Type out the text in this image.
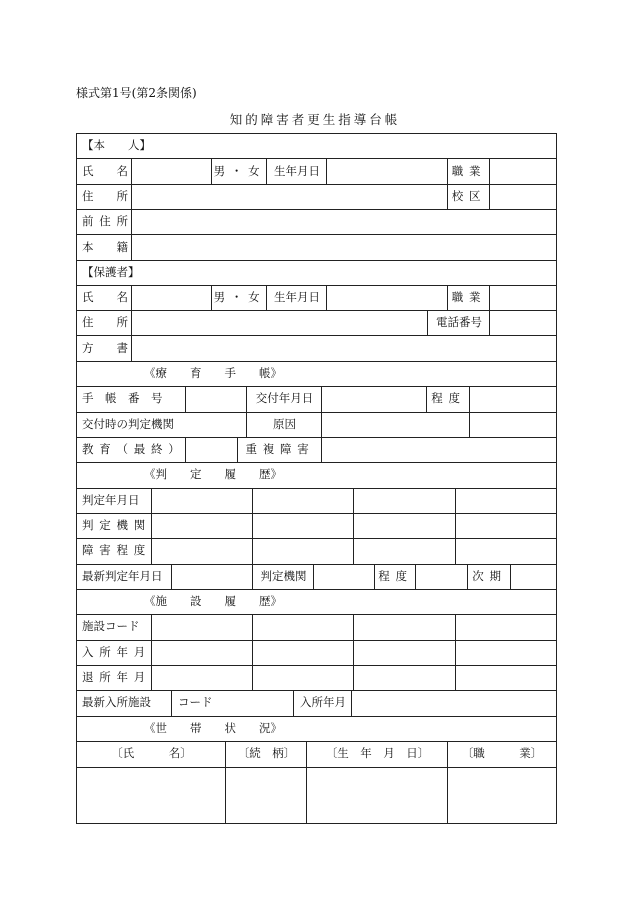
様式第1号(第2条関係)
知的障害者更生指導台帳
【本　　人】
氏　　名	男・女 生年月日	職業
住　　所	校区
前住所
本　　籍
【保護者】
氏　　名	男・女 生年月日	職業
住　　所	電話番号
方　　書
《療　　育　　手　　帳》
手　帳　番　号	交付年月日	程度
交付時の判定機関	原因
教育（最終）	重複障害
《判　　定　　履　　歴》
判定年月日
判定機関
障害程度
最新判定年月日	判定機関	程度	次期
《施　　設　　履　　歴》
施設コード
入所年月
退所年月
最新入所施設 コード	入所年月
《世　　帯　　状　　況》
〔氏　　　名〕	〔続　柄〕	〔生　年　月　日〕	〔職　　　業〕
